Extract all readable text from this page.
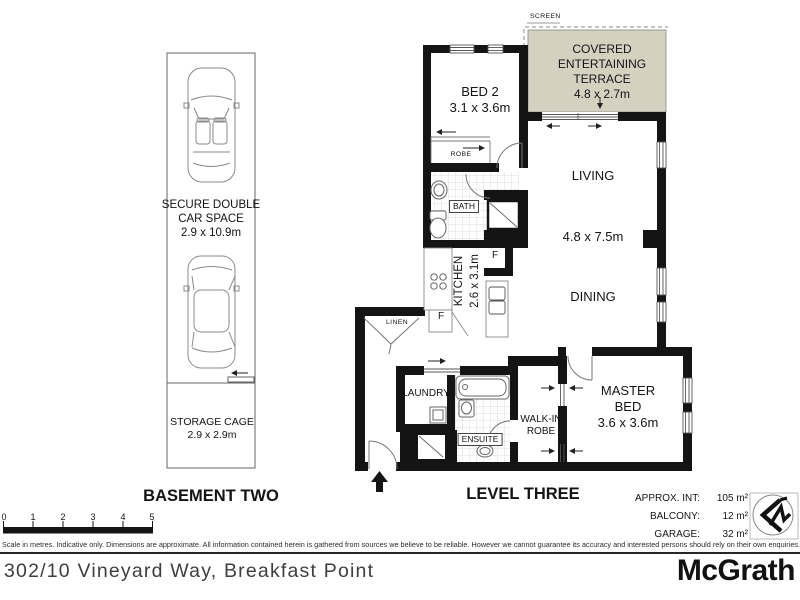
SCREEN
COVERED
ENTERTAINING
TERRACE
4.8 x 2.7m
BED 2
3.1 x 3.6m
ROBE
BATH
LIVING
4.8 x 7.5m
DINING
KITCHEN 2.6 x 3.1m F
F
LINEN
LAUNDRY
ENSUITE
WALK-IN
ROBE
MASTER
BED
3.6 x 3.6m
LEVEL THREE
SECURE DOUBLE
CAR SPACE
2.9 x 10.9m
STORAGE CAGE
2.9 x 2.9m
BASEMENT TWO
0	1	2	3	4	5
APPROX. INT:	105 m²
BALCONY:	12 m²
GARAGE:	32 m²
Scale in metres. Indicative only. Dimensions are approximate. All information contained herein is gathered from sources we believe to be reliable. However we cannot guarantee its accuracy and interested persons should rely on their own enquiries.
302/10 Vineyard Way, Breakfast Point	McGrath
